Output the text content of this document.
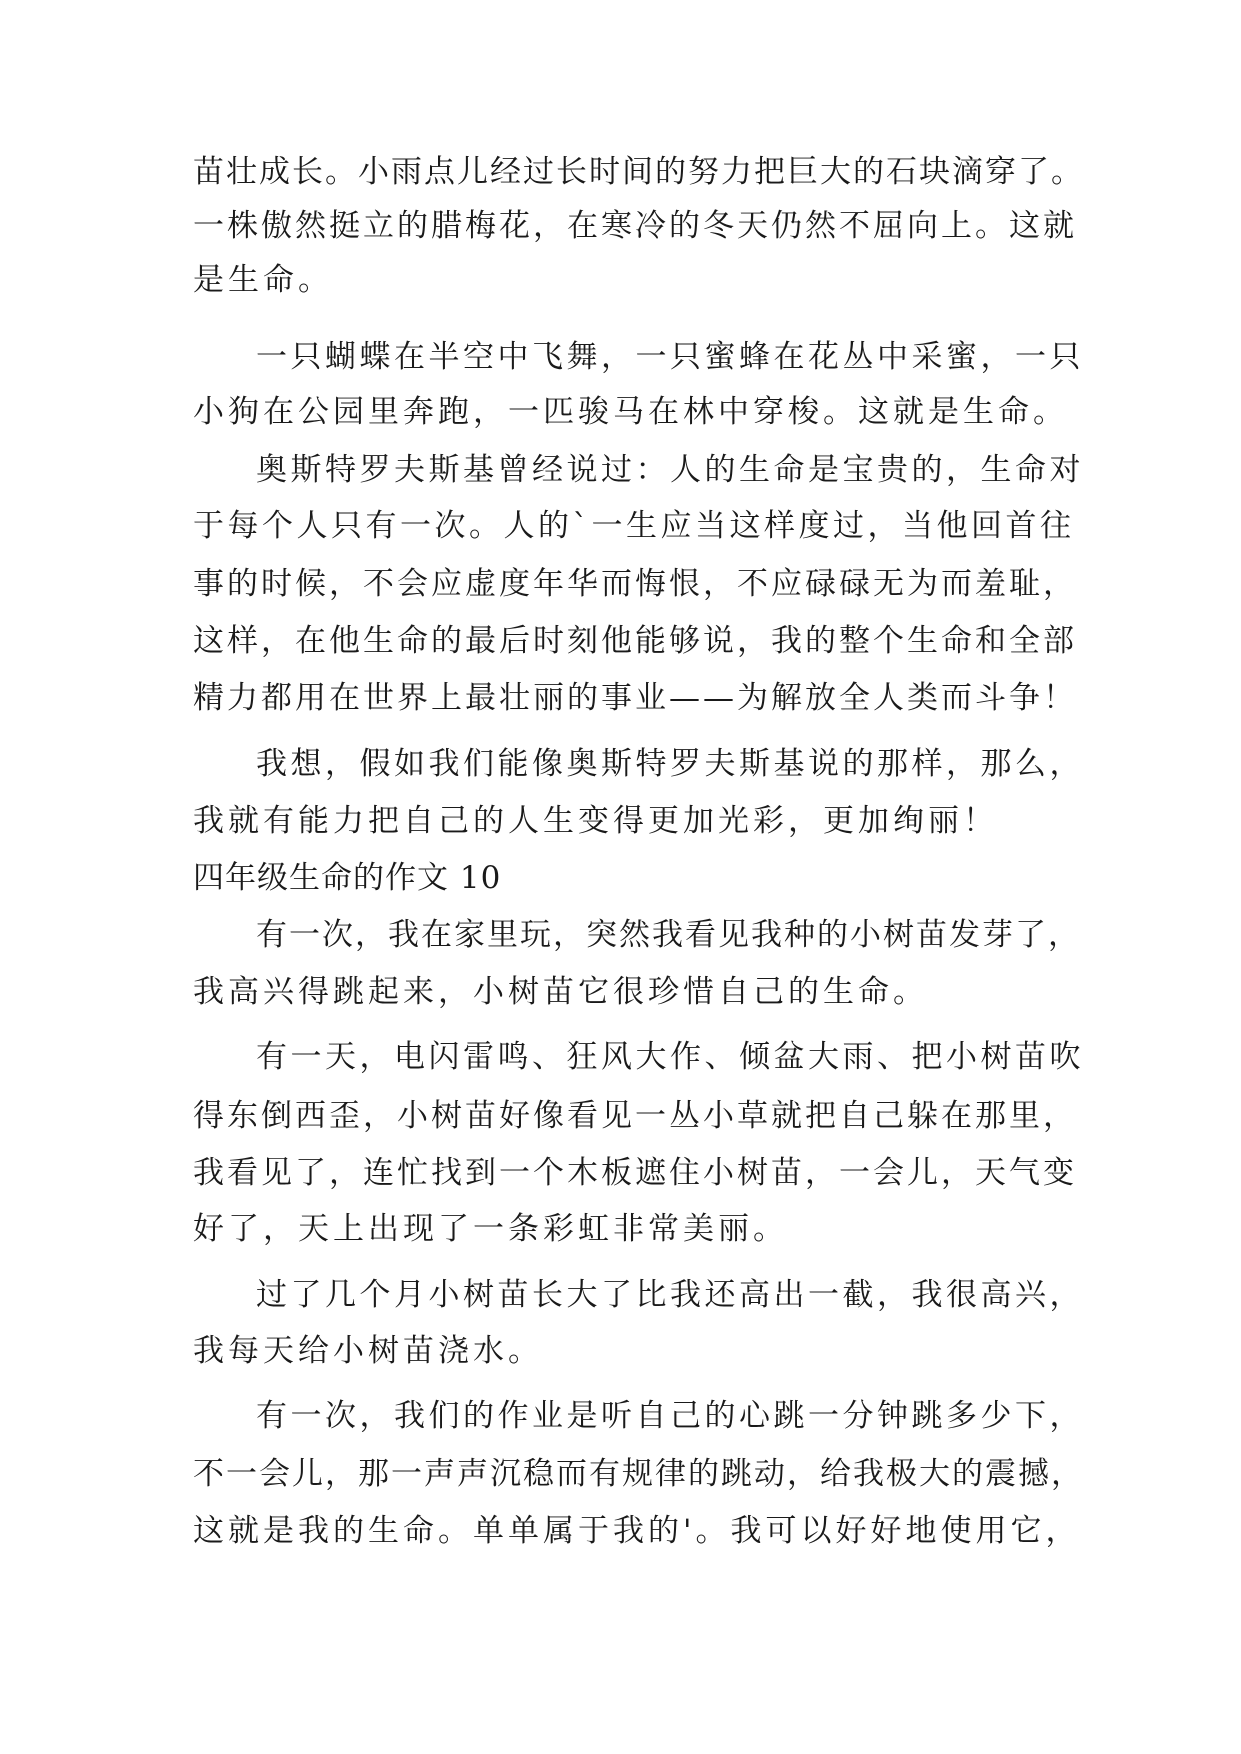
苗壮成长。小雨点儿经过长时间的努力把巨大的石块滴穿了。
一株傲然挺立的腊梅花，在寒冷的冬天仍然不屈向上。这就
是生命。
一只蝴蝶在半空中飞舞，一只蜜蜂在花丛中采蜜，一只
小狗在公园里奔跑，一匹骏马在林中穿梭。这就是生命。
奥斯特罗夫斯基曾经说过：人的生命是宝贵的，生命对
于每个人只有一次。人的`一生应当这样度过，当他回首往
事的时候，不会应虚度年华而悔恨，不应碌碌无为而羞耻，
这样，在他生命的最后时刻他能够说，我的整个生命和全部
精力都用在世界上最壮丽的事业——为解放全人类而斗争！
我想，假如我们能像奥斯特罗夫斯基说的那样，那么，
我就有能力把自己的人生变得更加光彩，更加绚丽！
四年级生命的作文 10
有一次，我在家里玩，突然我看见我种的小树苗发芽了，
我高兴得跳起来，小树苗它很珍惜自己的生命。
有一天，电闪雷鸣、狂风大作、倾盆大雨、把小树苗吹
得东倒西歪，小树苗好像看见一丛小草就把自己躲在那里，
我看见了，连忙找到一个木板遮住小树苗，一会儿，天气变
好了，天上出现了一条彩虹非常美丽。
过了几个月小树苗长大了比我还高出一截，我很高兴，
我每天给小树苗浇水。
有一次，我们的作业是听自己的心跳一分钟跳多少下，
不一会儿，那一声声沉稳而有规律的跳动，给我极大的震撼，
这就是我的生命。单单属于我的'。我可以好好地使用它，
